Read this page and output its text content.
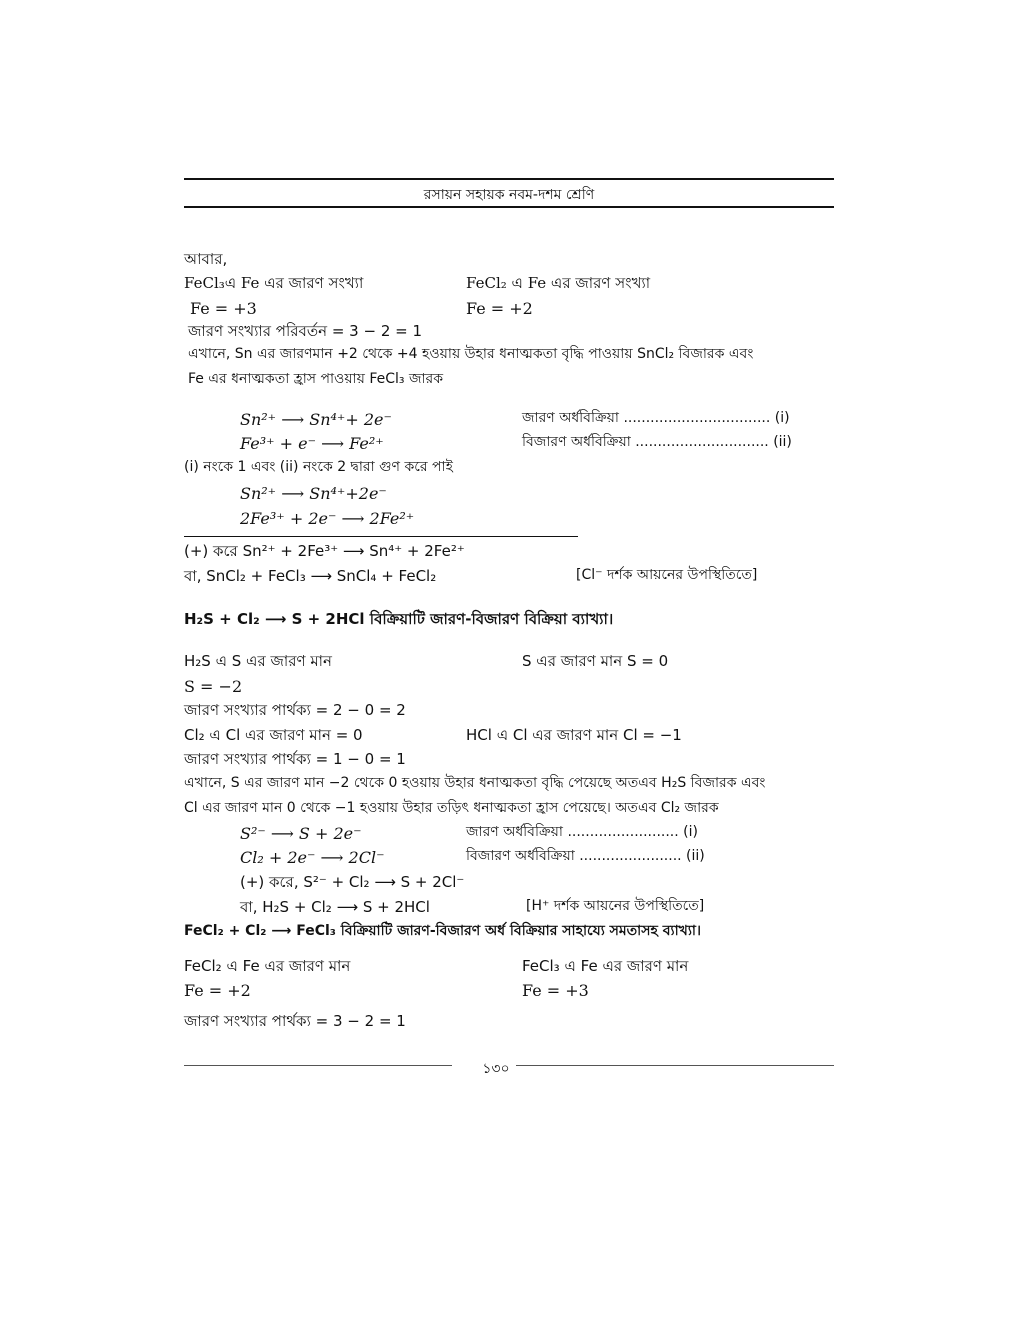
রসায়ন সহায়ক নবম-দশম শ্রেণি
আবার,
FeCl₃এ Fe এর জারণ সংখ্যা	FeCl₂ এ Fe এর জারণ সংখ্যা
Fe = +3	Fe = +2
জারণ সংখ্যার পরিবর্তন = 3 − 2 = 1
এখানে, Sn এর জারণমান +2 থেকে +4 হওয়ায় উহার ধনাত্মকতা বৃদ্ধি পাওয়ায় SnCl₂ বিজারক এবং
Fe এর ধনাত্মকতা হ্রাস পাওয়ায় FeCl₃ জারক
Sn²⁺ ⟶ Sn⁴⁺+ 2e⁻	জারণ অর্ধবিক্রিয়া ................................. (i)
Fe³⁺ + e⁻ ⟶ Fe²⁺	বিজারণ অর্ধবিক্রিয়া .............................. (ii)
(i) নংকে 1 এবং (ii) নংকে 2 দ্বারা গুণ করে পাই
Sn²⁺ ⟶ Sn⁴⁺+2e⁻
2Fe³⁺ + 2e⁻ ⟶ 2Fe²⁺
(+) করে Sn²⁺ + 2Fe³⁺ ⟶ Sn⁴⁺ + 2Fe²⁺
বা, SnCl₂ + FeCl₃ ⟶ SnCl₄ + FeCl₂	[Cl⁻ দর্শক আয়নের উপস্থিতিতে]
H₂S + Cl₂ ⟶ S + 2HCl বিক্রিয়াটি জারণ-বিজারণ বিক্রিয়া ব্যাখ্যা।
H₂S এ S এর জারণ মান	S এর জারণ মান S = 0
S = −2
জারণ সংখ্যার পার্থক্য = 2 − 0 = 2
Cl₂ এ Cl এর জারণ মান = 0	HCl এ Cl এর জারণ মান Cl = −1
জারণ সংখ্যার পার্থক্য = 1 − 0 = 1
এখানে, S এর জারণ মান −2 থেকে 0 হওয়ায় উহার ধনাত্মকতা বৃদ্ধি পেয়েছে অতএব H₂S বিজারক এবং
Cl এর জারণ মান 0 থেকে −1 হওয়ায় উহার তড়িৎ ধনাত্মকতা হ্রাস পেয়েছে। অতএব Cl₂ জারক
S²⁻ ⟶ S + 2e⁻	জারণ অর্ধবিক্রিয়া ......................... (i)
Cl₂ + 2e⁻ ⟶ 2Cl⁻	বিজারণ অর্ধবিক্রিয়া ....................... (ii)
(+) করে, S²⁻ + Cl₂ ⟶ S + 2Cl⁻
বা, H₂S + Cl₂ ⟶ S + 2HCl	[H⁺ দর্শক আয়নের উপস্থিতিতে]
FeCl₂ + Cl₂ ⟶ FeCl₃ বিক্রিয়াটি জারণ-বিজারণ অর্ধ বিক্রিয়ার সাহায্যে সমতাসহ ব্যাখ্যা।
FeCl₂ এ Fe এর জারণ মান	FeCl₃ এ Fe এর জারণ মান
Fe = +2	Fe = +3
জারণ সংখ্যার পার্থক্য = 3 − 2 = 1
১৩০
